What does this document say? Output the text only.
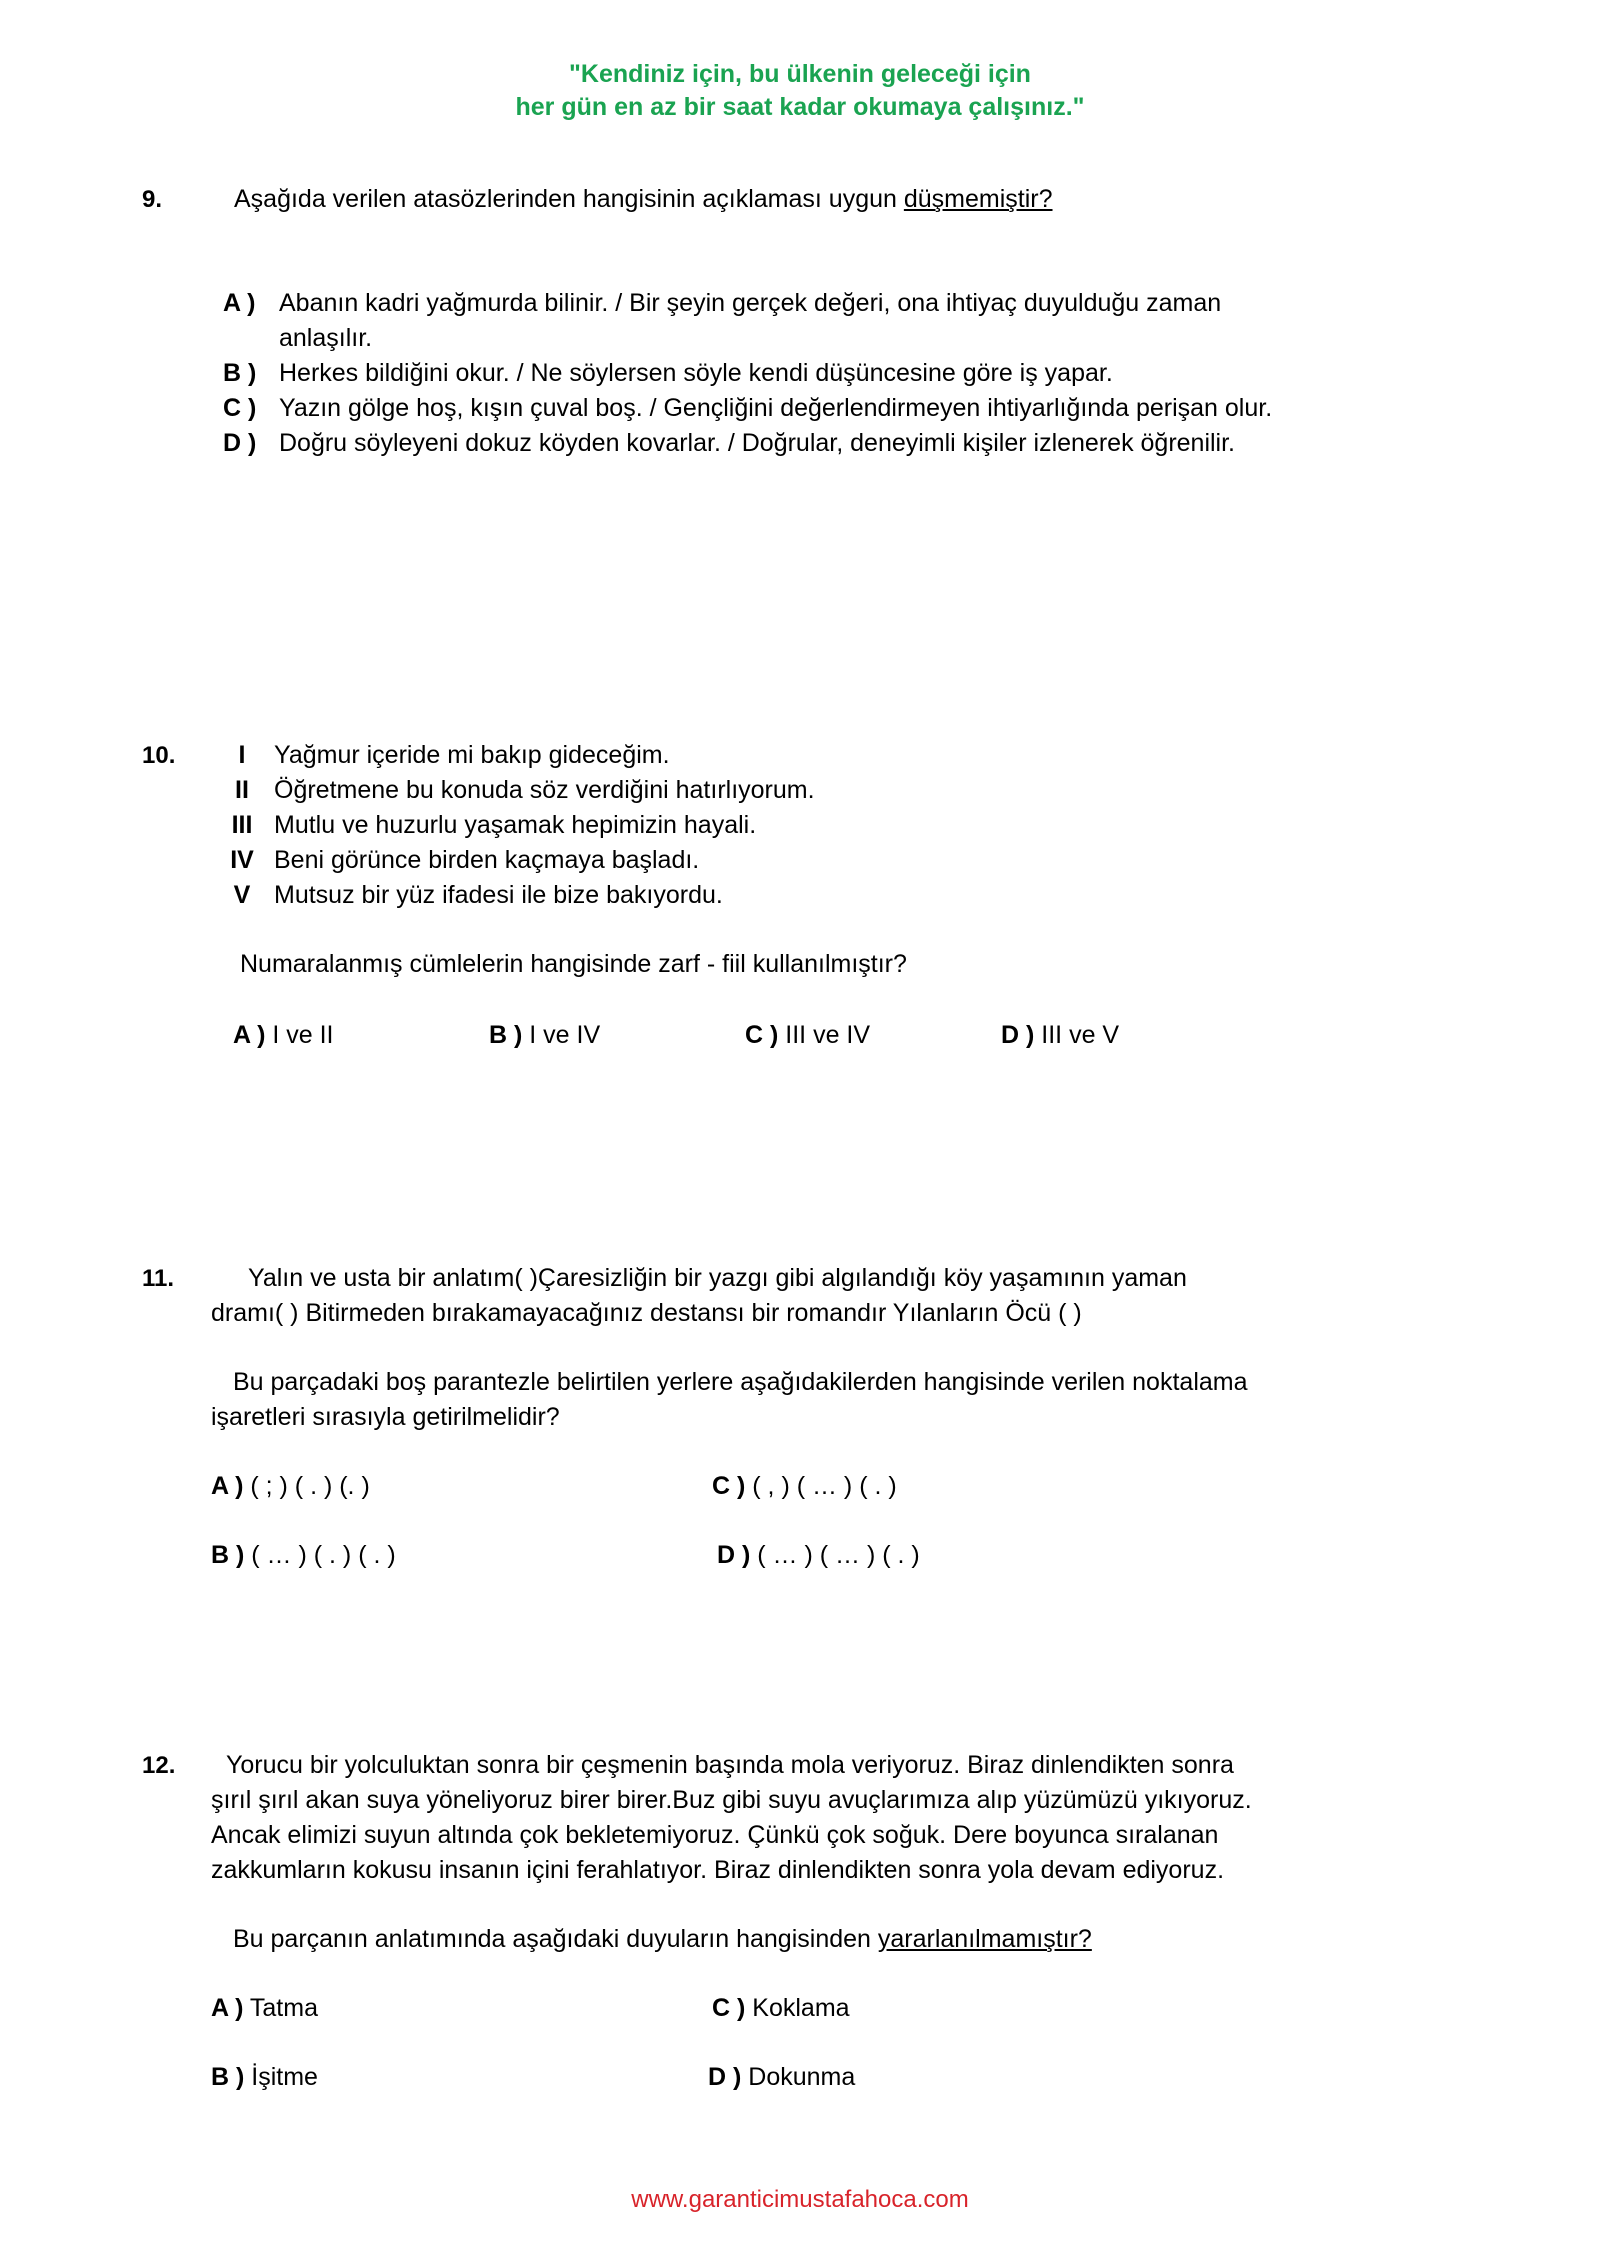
"Kendiniz için, bu ülkenin geleceği için
her gün en az bir saat kadar okumaya çalışınız."
9.	Aşağıda verilen atasözlerinden hangisinin açıklaması uygun düşmemiştir?
A ) Abanın kadri yağmurda bilinir. / Bir şeyin gerçek değeri, ona ihtiyaç duyulduğu zaman
anlaşılır.
B ) Herkes bildiğini okur. / Ne söylersen söyle kendi düşüncesine göre iş yapar.
C ) Yazın gölge hoş, kışın çuval boş. / Gençliğini değerlendirmeyen ihtiyarlığında perişan olur.
D ) Doğru söyleyeni dokuz köyden kovarlar. / Doğrular, deneyimli kişiler izlenerek öğrenilir.
10.	I Yağmur içeride mi bakıp gideceğim.
II Öğretmene bu konuda söz verdiğini hatırlıyorum.
III Mutlu ve huzurlu yaşamak hepimizin hayali.
IV Beni görünce birden kaçmaya başladı.
V Mutsuz bir yüz ifadesi ile bize bakıyordu.
Numaralanmış cümlelerin hangisinde zarf - fiil kullanılmıştır?
A ) I ve II	B ) I ve IV	C ) III ve IV	D ) III ve V
11.	Yalın ve usta bir anlatım( )Çaresizliğin bir yazgı gibi algılandığı köy yaşamının yaman
dramı( ) Bitirmeden bırakamayacağınız destansı bir romandır Yılanların Öcü ( )
Bu parçadaki boş parantezle belirtilen yerlere aşağıdakilerden hangisinde verilen noktalama
işaretleri sırasıyla getirilmelidir?
A ) ( ; ) ( . ) (. )	C ) ( , ) ( … ) ( . )
B ) ( … ) ( . ) ( . )	D ) ( … ) ( … ) ( . )
12. Yorucu bir yolculuktan sonra bir çeşmenin başında mola veriyoruz. Biraz dinlendikten sonra
şırıl şırıl akan suya yöneliyoruz birer birer.Buz gibi suyu avuçlarımıza alıp yüzümüzü yıkıyoruz.
Ancak elimizi suyun altında çok bekletemiyoruz. Çünkü çok soğuk. Dere boyunca sıralanan
zakkumların kokusu insanın içini ferahlatıyor. Biraz dinlendikten sonra yola devam ediyoruz.
Bu parçanın anlatımında aşağıdaki duyuların hangisinden yararlanılmamıştır?
A ) Tatma	C ) Koklama
B ) İşitme	D ) Dokunma
www.garanticimustafahoca.com
